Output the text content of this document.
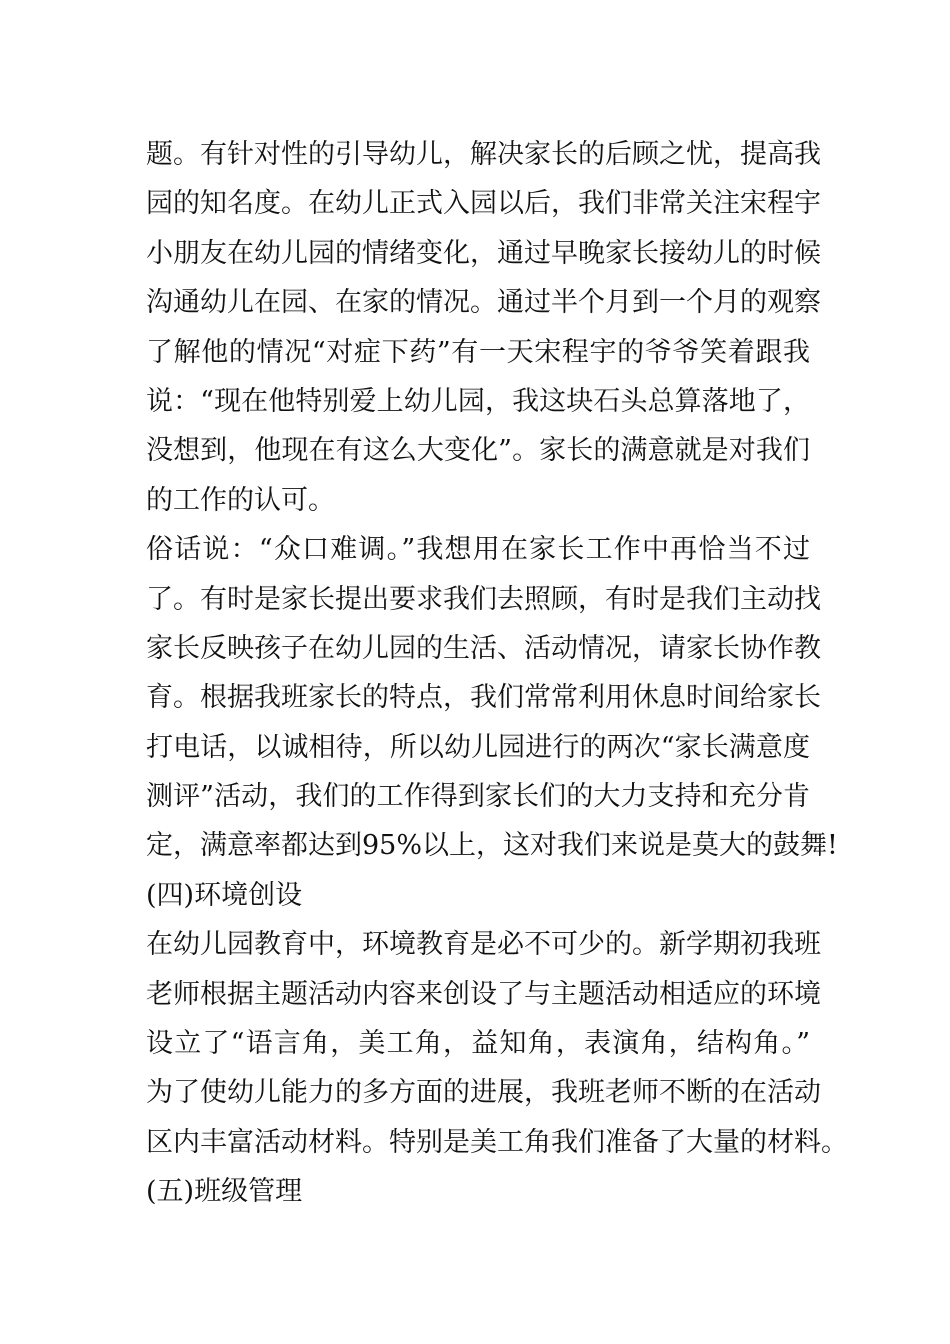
题。有针对性的引导幼儿，解决家长的后顾之忧，提高我
园的知名度。在幼儿正式入园以后，我们非常关注宋程宇
小朋友在幼儿园的情绪变化，通过早晚家长接幼儿的时候
沟通幼儿在园、在家的情况。通过半个月到一个月的观察
了解他的情况“对症下药”有一天宋程宇的爷爷笑着跟我
说：“现在他特别爱上幼儿园，我这块石头总算落地了，
没想到，他现在有这么大变化”。家长的满意就是对我们
的工作的认可。
俗话说：“众口难调。”我想用在家长工作中再恰当不过
了。有时是家长提出要求我们去照顾，有时是我们主动找
家长反映孩子在幼儿园的生活、活动情况，请家长协作教
育。根据我班家长的特点，我们常常利用休息时间给家长
打电话，以诚相待，所以幼儿园进行的两次“家长满意度
测评”活动，我们的工作得到家长们的大力支持和充分肯
定，满意率都达到95%以上，这对我们来说是莫大的鼓舞!
(四)环境创设
在幼儿园教育中，环境教育是必不可少的。新学期初我班
老师根据主题活动内容来创设了与主题活动相适应的环境
设立了“语言角，美工角，益知角，表演角，结构角。”
为了使幼儿能力的多方面的进展，我班老师不断的在活动
区内丰富活动材料。特别是美工角我们准备了大量的材料。
(五)班级管理
